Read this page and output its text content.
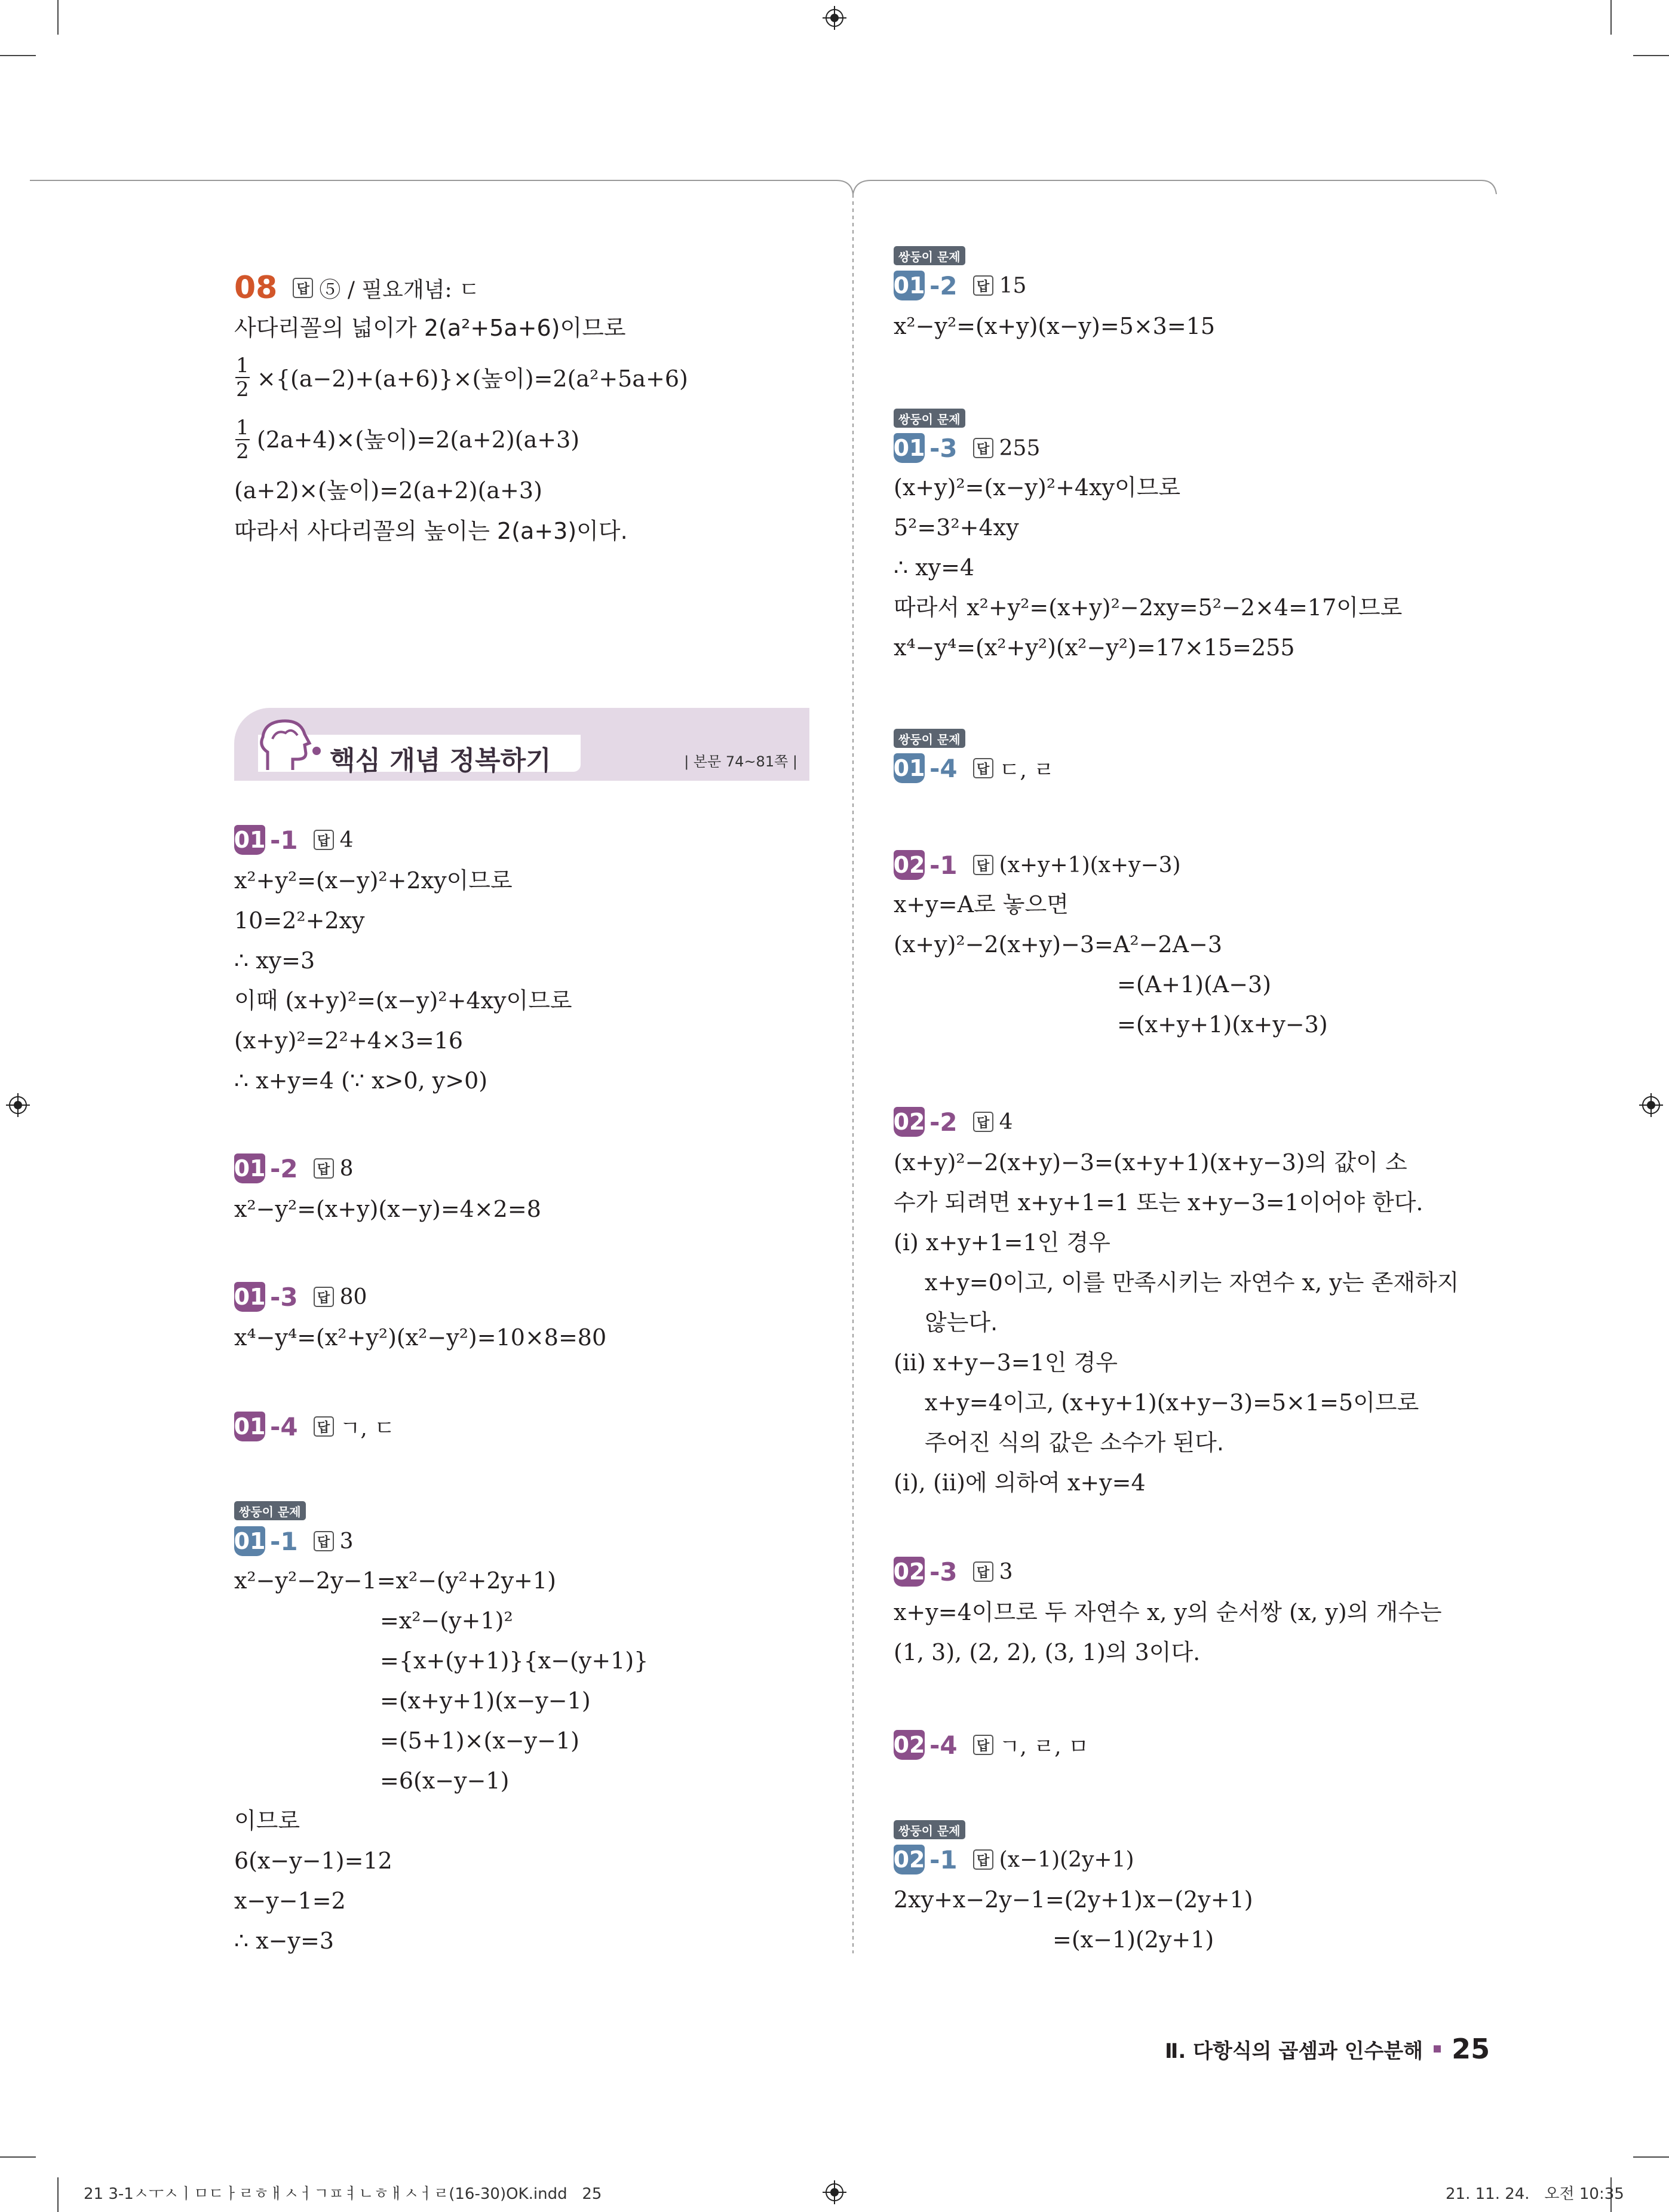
08 답 ⑤ / 필요개념: ㄷ
사다리꼴의 넓이가 2(a²+5a+6)이므로
1
2 ×{(a−2)+(a+6)}×(높이)=2(a²+5a+6)
1
2 (2a+4)×(높이)=2(a+2)(a+3)
(a+2)×(높이)=2(a+2)(a+3)
따라서 사다리꼴의 높이는 2(a+3)이다.
핵심 개념 정복하기	| 본문 74~81쪽 |
01 -1 답 4
x²+y²=(x−y)²+2xy이므로
10=2²+2xy
∴ xy=3
이때 (x+y)²=(x−y)²+4xy이므로
(x+y)²=2²+4×3=16
∴ x+y=4 (∵ x>0, y>0)
01 -2 답 8
x²−y²=(x+y)(x−y)=4×2=8
01 -3 답 80
x⁴−y⁴=(x²+y²)(x²−y²)=10×8=80
01 -4 답 ㄱ, ㄷ
쌍둥이 문제
01 -1 답 3
x²−y²−2y−1=x²−(y²+2y+1)
=x²−(y+1)²
={x+(y+1)}{x−(y+1)}
=(x+y+1)(x−y−1)
=(5+1)×(x−y−1)
=6(x−y−1)
이므로
6(x−y−1)=12
x−y−1=2
∴ x−y=3
쌍둥이 문제
01 -2 답 15
x²−y²=(x+y)(x−y)=5×3=15
쌍둥이 문제
01 -3 답 255
(x+y)²=(x−y)²+4xy이므로
5²=3²+4xy
∴ xy=4
따라서 x²+y²=(x+y)²−2xy=5²−2×4=17이므로
x⁴−y⁴=(x²+y²)(x²−y²)=17×15=255
쌍둥이 문제
01 -4 답 ㄷ, ㄹ
02 -1 답 (x+y+1)(x+y−3)
x+y=A로 놓으면
(x+y)²−2(x+y)−3=A²−2A−3
=(A+1)(A−3)
=(x+y+1)(x+y−3)
02 -2 답 4
(x+y)²−2(x+y)−3=(x+y+1)(x+y−3)의 값이 소
수가 되려면 x+y+1=1 또는 x+y−3=1이어야 한다.
(i) x+y+1=1인 경우
x+y=0이고, 이를 만족시키는 자연수 x, y는 존재하지
않는다.
(ii) x+y−3=1인 경우
x+y=4이고, (x+y+1)(x+y−3)=5×1=5이므로
주어진 식의 값은 소수가 된다.
(i), (ii)에 의하여 x+y=4
02 -3 답 3
x+y=4이므로 두 자연수 x, y의 순서쌍 (x, y)의 개수는
(1, 3), (2, 2), (3, 1)의 3이다.
02 -4 답 ㄱ, ㄹ, ㅁ
쌍둥이 문제
02 -1 답 (x−1)(2y+1)
2xy+x−2y−1=(2y+1)x−(2y+1)
=(x−1)(2y+1)
Ⅱ. 다항식의 곱셈과 인수분해 25
21 3-1ㅅㅜㅅㅣㅁㄷㅏㄹㅎㅐㅅㅓㄱㅍㅕㄴㅎㅐㅅㅓㄹ(16-30)OK.indd   25	21. 11. 24.   오전 10:35
